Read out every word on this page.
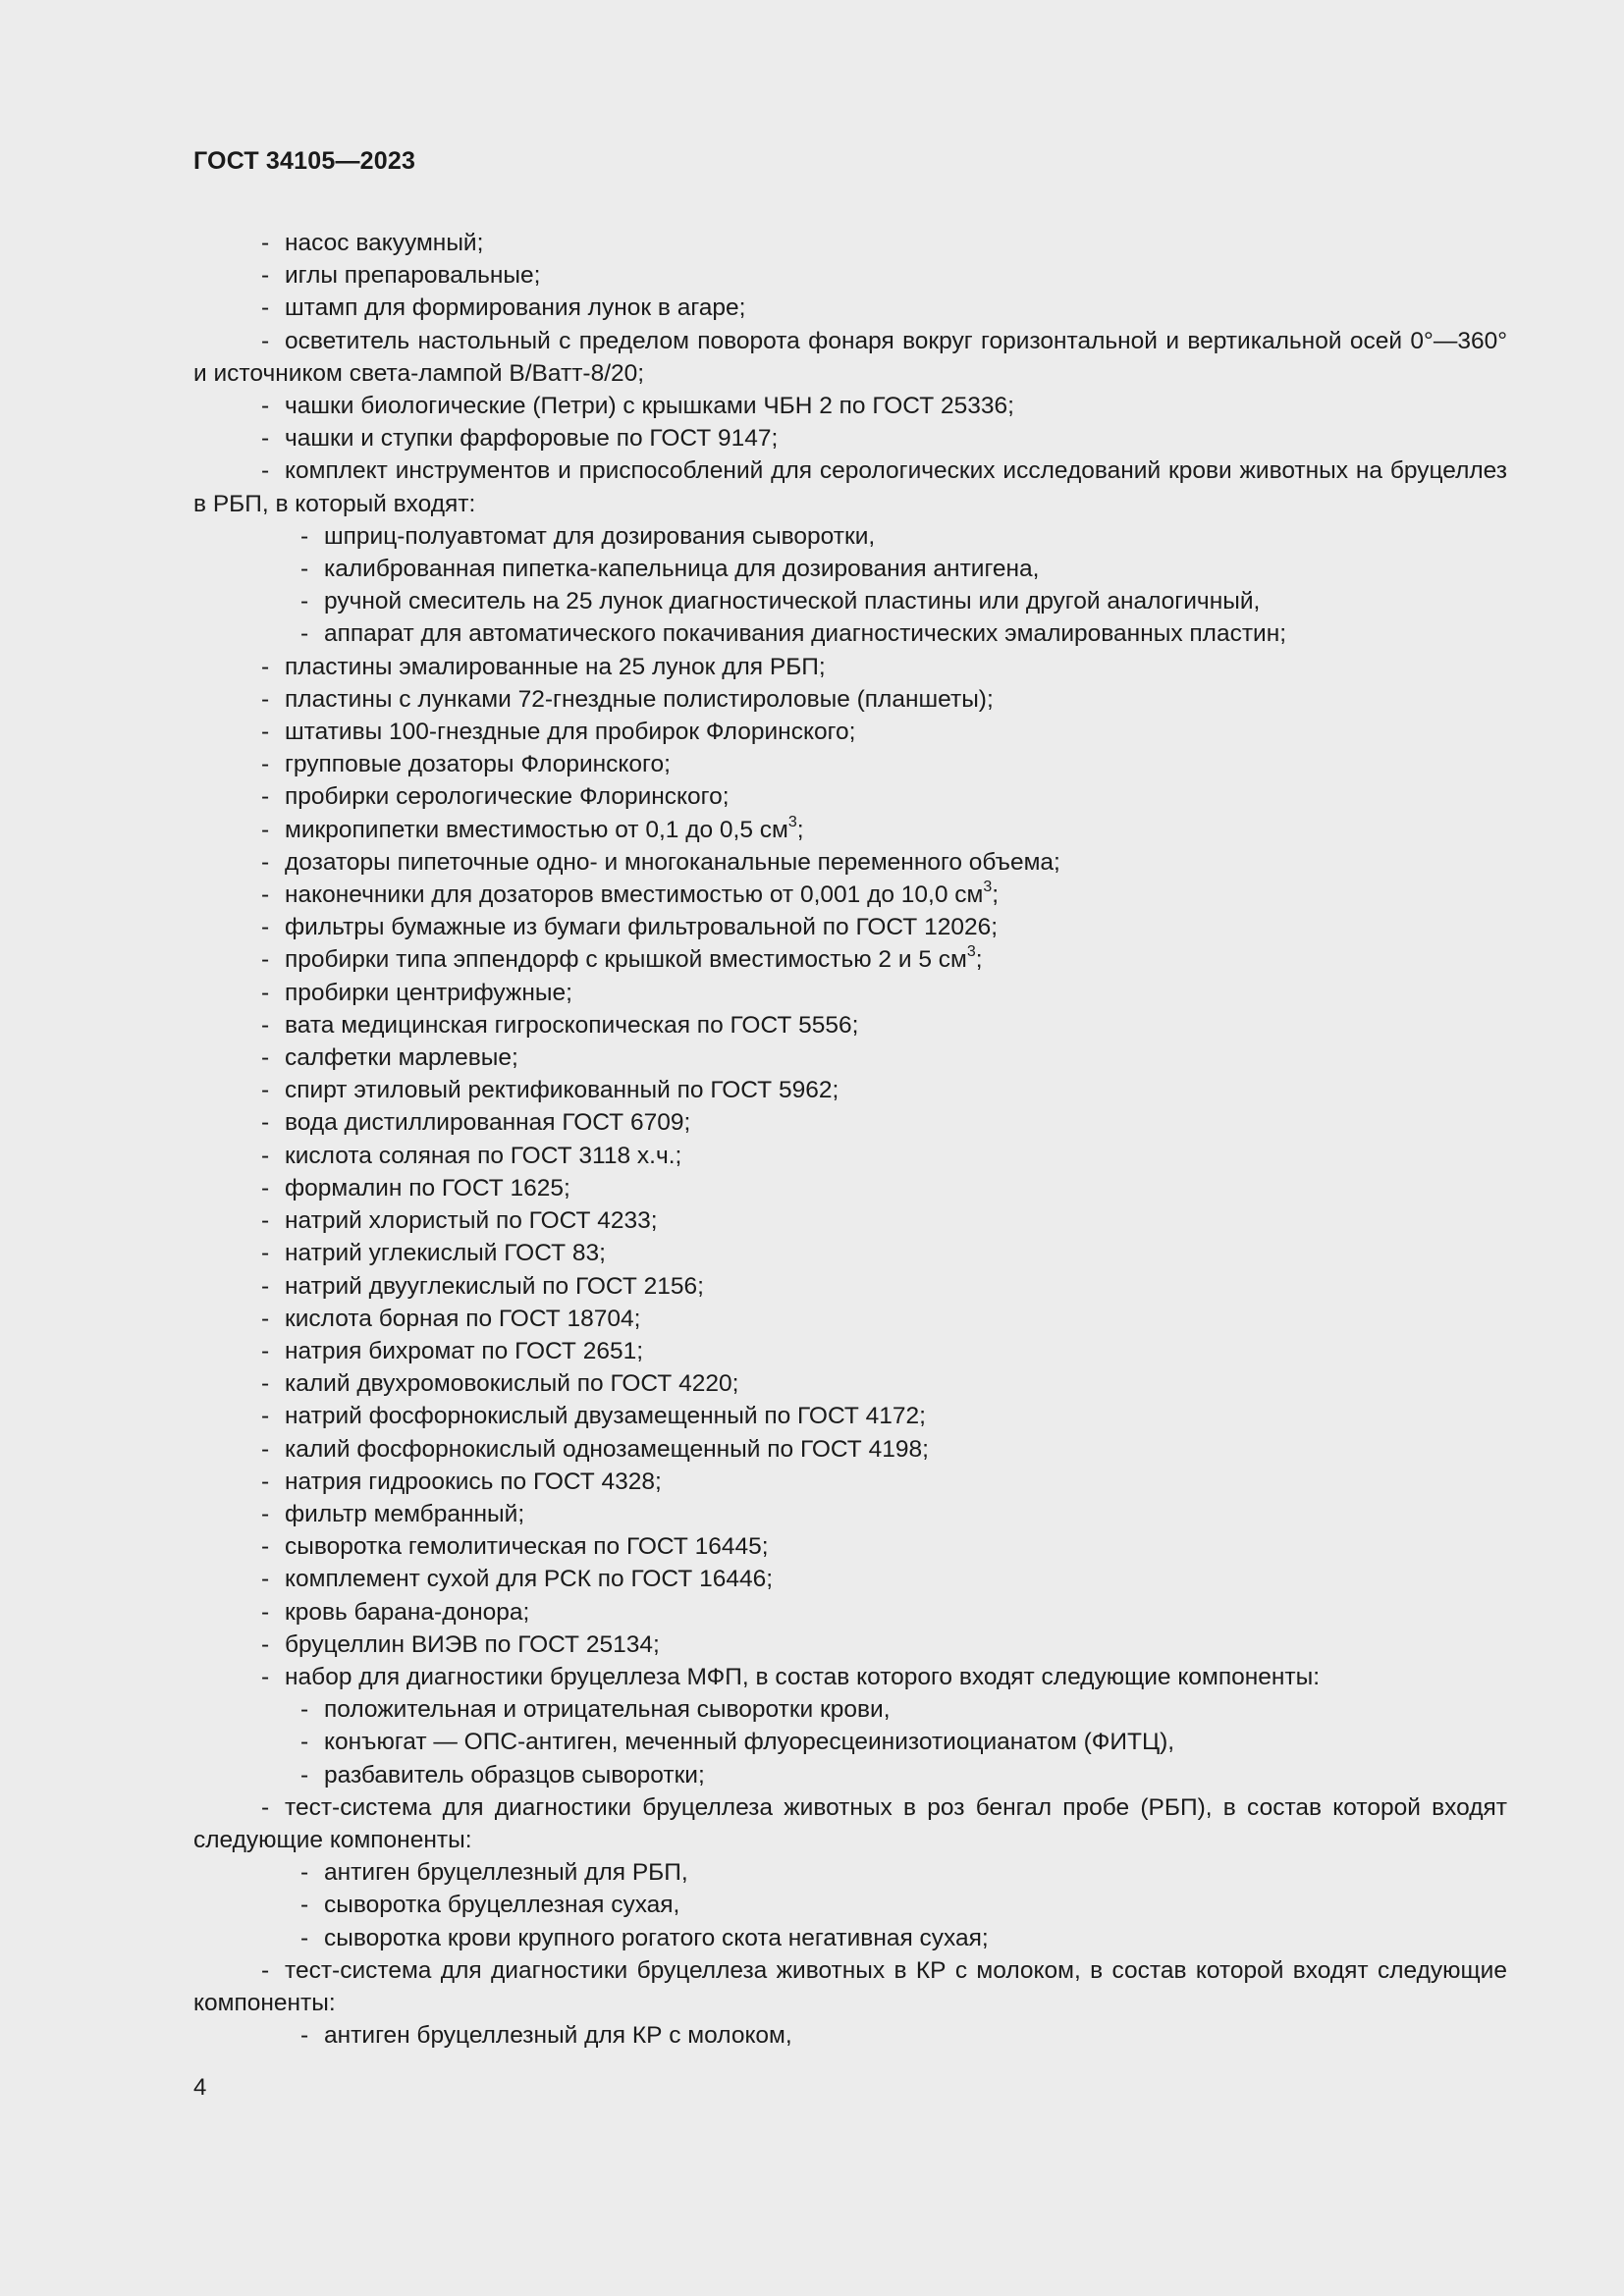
ГОСТ 34105—2023
- насос вакуумный;
- иглы препаровальные;
- штамп для формирования лунок в агаре;
- осветитель настольный с пределом поворота фонаря вокруг горизонтальной и вертикальной осей 0°—360° и источником света-лампой В/Ватт-8/20;
- чашки биологические (Петри) с крышками ЧБН 2 по ГОСТ 25336;
- чашки и ступки фарфоровые по ГОСТ 9147;
- комплект инструментов и приспособлений для серологических исследований крови животных на бруцеллез в РБП, в который входят:
- шприц-полуавтомат для дозирования сыворотки,
- калиброванная пипетка-капельница для дозирования антигена,
- ручной смеситель на 25 лунок диагностической пластины или другой аналогичный,
- аппарат для автоматического покачивания диагностических эмалированных пластин;
- пластины эмалированные на 25 лунок для РБП;
- пластины с лунками 72-гнездные полистироловые (планшеты);
- штативы 100-гнездные для пробирок Флоринского;
- групповые дозаторы Флоринского;
- пробирки серологические Флоринского;
- микропипетки вместимостью от 0,1 до 0,5 $см^3$;
- дозаторы пипеточные одно- и многоканальные переменного объема;
- наконечники для дозаторов вместимостью от 0,001 до 10,0 $см^3$;
- фильтры бумажные из бумаги фильтровальной по ГОСТ 12026;
- пробирки типа эппендорф с крышкой вместимостью 2 и 5 $см^3$;
- пробирки центрифужные;
- вата медицинская гигроскопическая по ГОСТ 5556;
- салфетки марлевые;
- спирт этиловый ректификованный по ГОСТ 5962;
- вода дистиллированная ГОСТ 6709;
- кислота соляная по ГОСТ 3118 х.ч.;
- формалин по ГОСТ 1625;
- натрий хлористый по ГОСТ 4233;
- натрий углекислый ГОСТ 83;
- натрий двууглекислый по ГОСТ 2156;
- кислота борная по ГОСТ 18704;
- натрия бихромат по ГОСТ 2651;
- калий двухромовокислый по ГОСТ 4220;
- натрий фосфорнокислый двузамещенный по ГОСТ 4172;
- калий фосфорнокислый однозамещенный по ГОСТ 4198;
- натрия гидроокись по ГОСТ 4328;
- фильтр мембранный;
- сыворотка гемолитическая по ГОСТ 16445;
- комплемент сухой для РСК по ГОСТ 16446;
- кровь барана-донора;
- бруцеллин ВИЭВ по ГОСТ 25134;
- набор для диагностики бруцеллеза МФП, в состав которого входят следующие компоненты:
- положительная и отрицательная сыворотки крови,
- конъюгат — ОПС-антиген, меченный флуоресцеинизотиоцианатом (ФИТЦ),
- разбавитель образцов сыворотки;
- тест-система для диагностики бруцеллеза животных в роз бенгал пробе (РБП), в состав которой входят следующие компоненты:
- антиген бруцеллезный для РБП,
- сыворотка бруцеллезная сухая,
- сыворотка крови крупного рогатого скота негативная сухая;
- тест-система для диагностики бруцеллеза животных в КР с молоком, в состав которой входят следующие компоненты:
- антиген бруцеллезный для КР с молоком,
4
